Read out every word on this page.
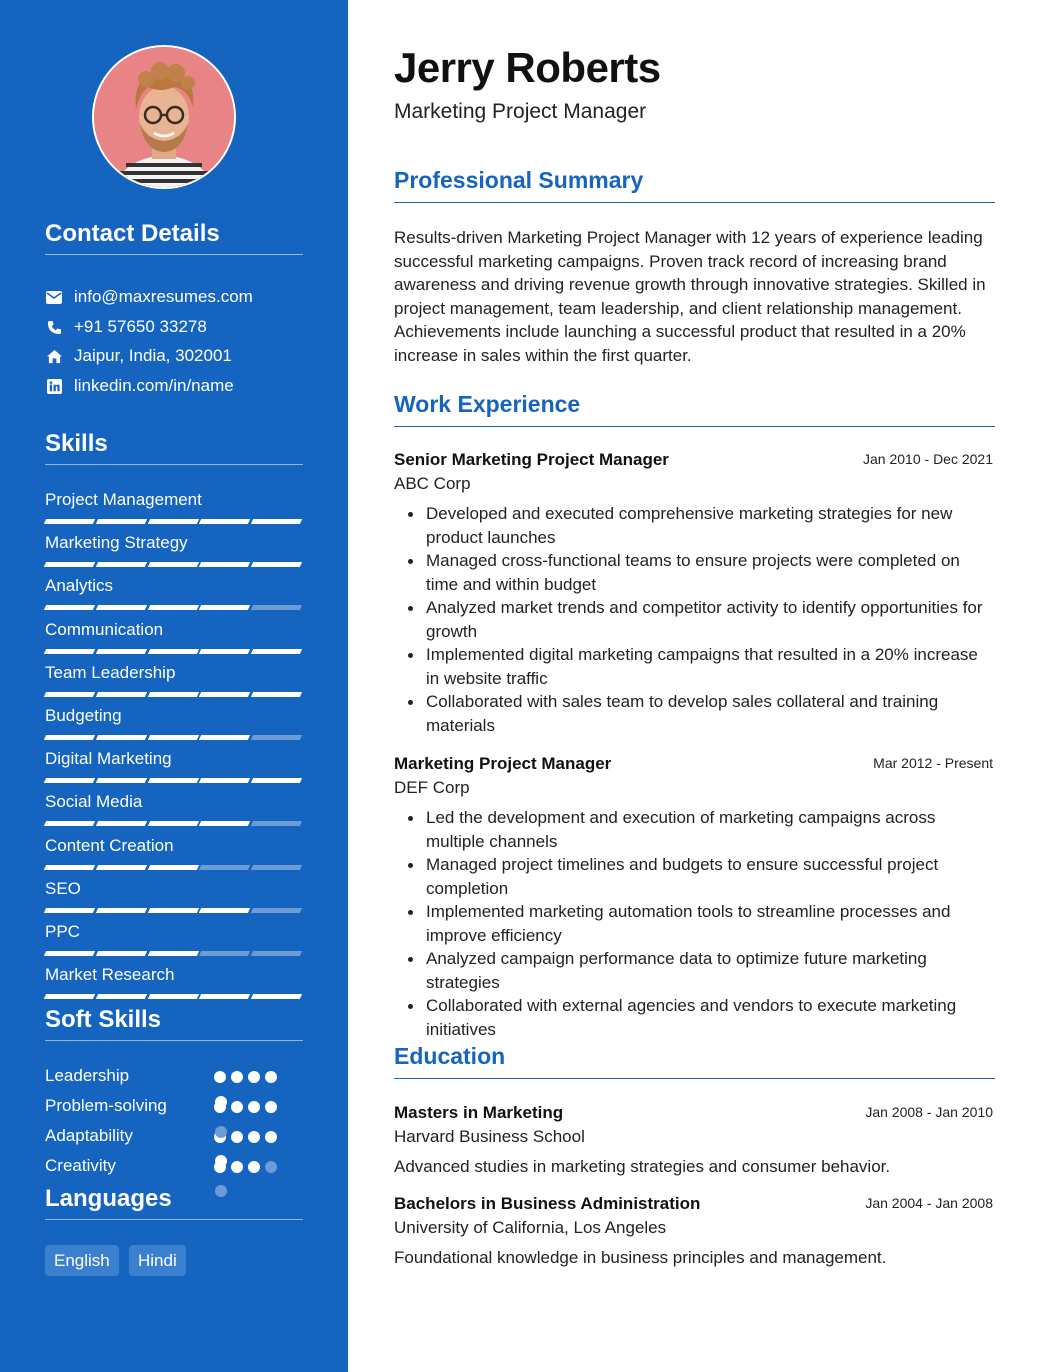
Contact Details
info@maxresumes.com
+91 57650 33278
Jaipur, India, 302001
linkedin.com/in/name
Skills
Project Management
Marketing Strategy
Analytics
Communication
Team Leadership
Budgeting
Digital Marketing
Social Media
Content Creation
SEO
PPC
Market Research
Soft Skills
Leadership
Problem-solving
Adaptability
Creativity
Languages
English	Hindi
Jerry Roberts
Marketing Project Manager
Professional Summary
Results-driven Marketing Project Manager with 12 years of experience leading successful marketing campaigns. Proven track record of increasing brand awareness and driving revenue growth through innovative strategies. Skilled in project management, team leadership, and client relationship management. Achievements include launching a successful product that resulted in a 20% increase in sales within the first quarter.
Work Experience
Senior Marketing Project Manager	Jan 2010 - Dec 2021
ABC Corp
Developed and executed comprehensive marketing strategies for new product launches
Managed cross-functional teams to ensure projects were completed on time and within budget
Analyzed market trends and competitor activity to identify opportunities for growth
Implemented digital marketing campaigns that resulted in a 20% increase in website traffic
Collaborated with sales team to develop sales collateral and training materials
Marketing Project Manager	Mar 2012 - Present
DEF Corp
Led the development and execution of marketing campaigns across multiple channels
Managed project timelines and budgets to ensure successful project completion
Implemented marketing automation tools to streamline processes and improve efficiency
Analyzed campaign performance data to optimize future marketing strategies
Collaborated with external agencies and vendors to execute marketing initiatives
Education
Masters in Marketing	Jan 2008 - Jan 2010
Harvard Business School
Advanced studies in marketing strategies and consumer behavior.
Bachelors in Business Administration	Jan 2004 - Jan 2008
University of California, Los Angeles
Foundational knowledge in business principles and management.
